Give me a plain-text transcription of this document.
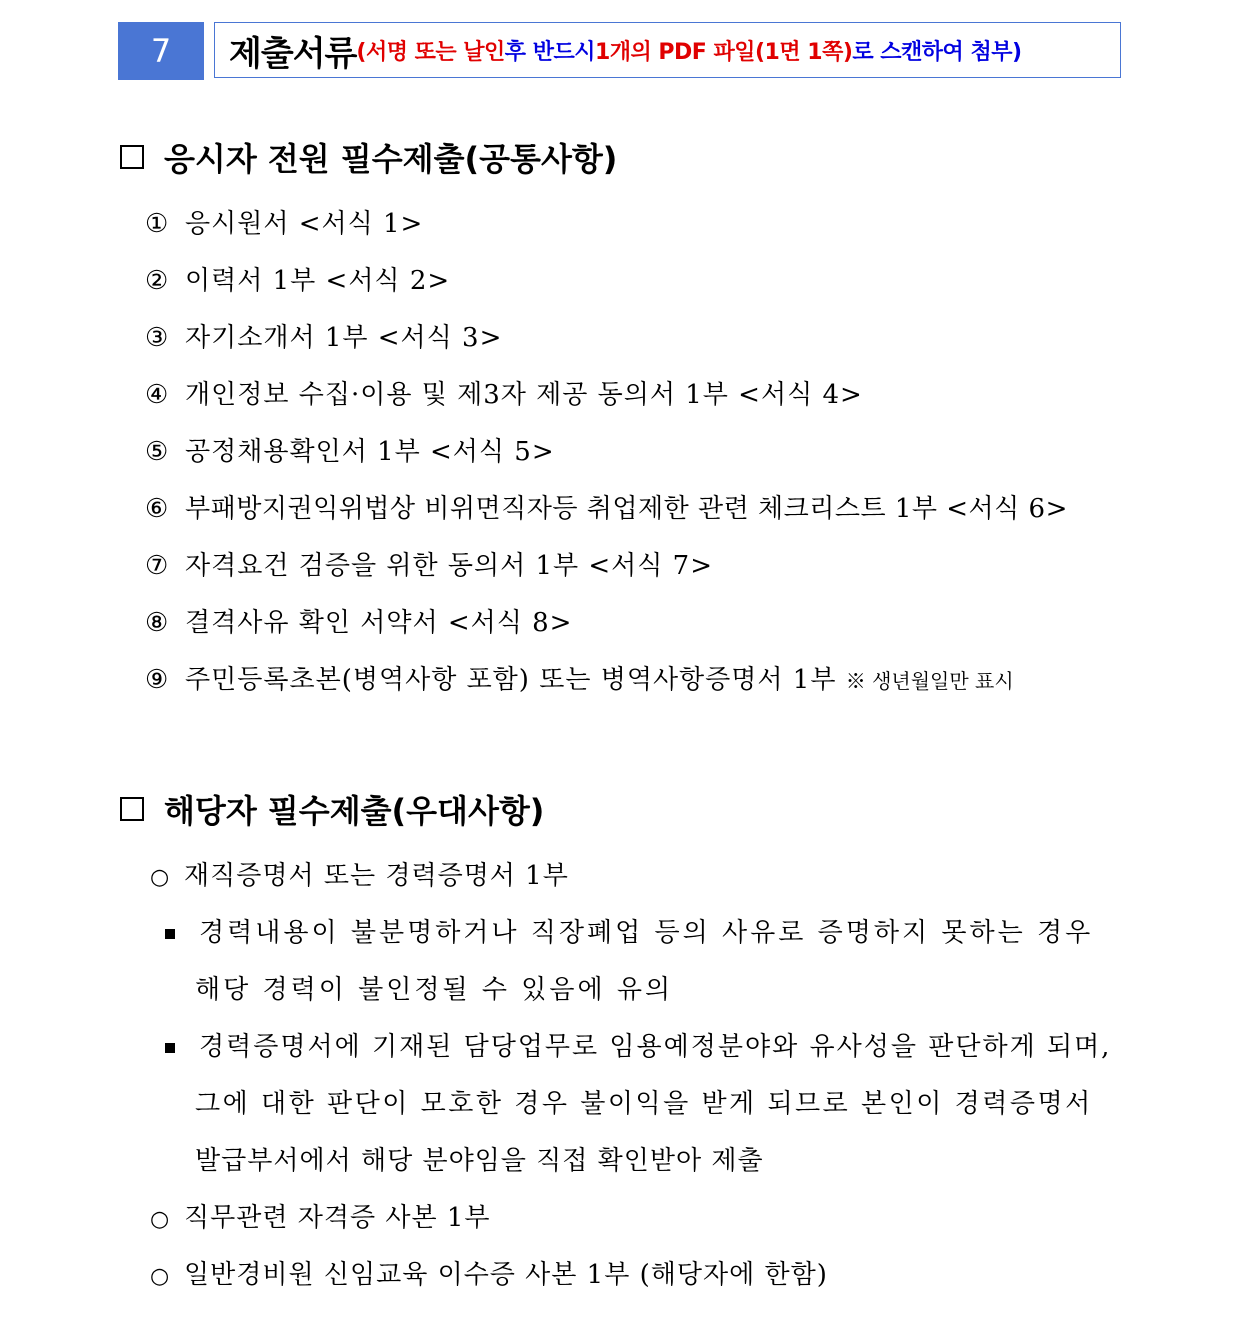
7 제출서류 (서명 또는 날인 후 반드시 1개의 PDF 파일(1면 1쪽) 로 스캔하여 첨부)
응시자 전원 필수제출(공통사항)
① 응시원서 <서식 1>
② 이력서 1부 <서식 2>
③ 자기소개서 1부 <서식 3>
④ 개인정보 수집·이용 및 제3자 제공 동의서 1부 <서식 4>
⑤ 공정채용확인서 1부 <서식 5>
⑥ 부패방지권익위법상 비위면직자등 취업제한 관련 체크리스트 1부 <서식 6>
⑦ 자격요건 검증을 위한 동의서 1부 <서식 7>
⑧ 결격사유 확인 서약서 <서식 8>
⑨ 주민등록초본(병역사항 포함) 또는 병역사항증명서 1부 ※ 생년월일만 표시
해당자 필수제출(우대사항)
○ 재직증명서 또는 경력증명서 1부
경력내용이 불분명하거나 직장폐업 등의 사유로 증명하지 못하는 경우
해당 경력이 불인정될 수 있음에 유의
경력증명서에 기재된 담당업무로 임용예정분야와 유사성을 판단하게 되며,
그에 대한 판단이 모호한 경우 불이익을 받게 되므로 본인이 경력증명서
발급부서에서 해당 분야임을 직접 확인받아 제출
○ 직무관련 자격증 사본 1부
○ 일반경비원 신임교육 이수증 사본 1부 (해당자에 한함)
